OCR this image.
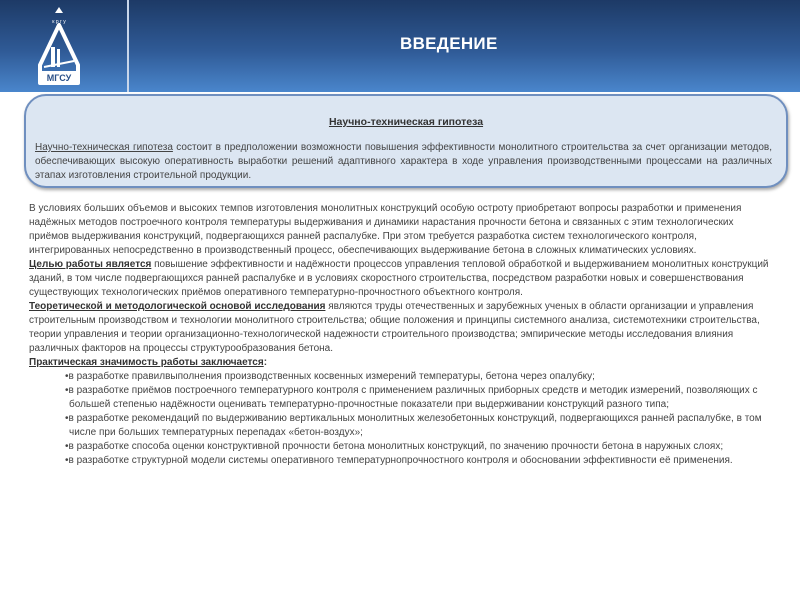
к р г у
МГСУ
ВВЕДЕНИЕ
Научно-техническая гипотеза
Научно-техническая гипотеза состоит в предположении возможности повышения эффективности монолитного строительства за счет организации методов, обеспечивающих высокую оперативность выработки решений адаптивного характера в ходе управления производственными процессами на различных этапах изготовления строительной продукции.

В условиях больших объемов и высоких темпов изготовления монолитных конструкций особую остроту приобретают вопросы разработки и применения надёжных методов построечного контроля температуры выдерживания и динамики нарастания прочности бетона и связанных с этим технологических приёмов выдерживания конструкций, подвергающихся ранней распалубке. При этом требуется разработка систем технологического контроля, интегрированных непосредственно в производственный процесс, обеспечивающих выдерживание бетона в сложных климатических условиях.

Целью работы является повышение эффективности и надёжности процессов управления тепловой обработкой и выдерживанием монолитных конструкций зданий, в том числе подвергающихся ранней распалубке и в условиях скоростного строительства, посредством разработки новых и совершенствования существующих технологических приёмов оперативного температурно-прочностного объектного контроля.

Теоретической и методологической основой исследования являются труды отечественных и зарубежных ученых в области организации и управления строительным производством и технологии монолитного строительства; общие положения и принципы системного анализа, системотехники строительства, теории управления и теории организационно-технологической надежности строительного производства; эмпирические методы исследования влияния различных факторов на процессы структурообразования бетона.

Практическая значимость работы заключается:

•в разработке правилвыполнения производственных косвенных измерений температуры, бетона через опалубку;
•в разработке приёмов построечного температурного контроля с применением различных приборных средств и методик измерений, позволяющих с большей степенью надёжности оценивать температурно-прочностные показатели при выдерживании конструкций разного типа;
•в разработке рекомендаций по выдерживанию вертикальных монолитных железобетонных конструкций, подвергающихся ранней распалубке, в том числе при больших температурных перепадах «бетон-воздух»;
•в разработке способа оценки конструктивной прочности бетона монолитных конструкций, по значению прочности бетона в наружных слоях;
•в разработке структурной модели системы оперативного температурнопрочностного контроля и обосновании эффективности её применения.
